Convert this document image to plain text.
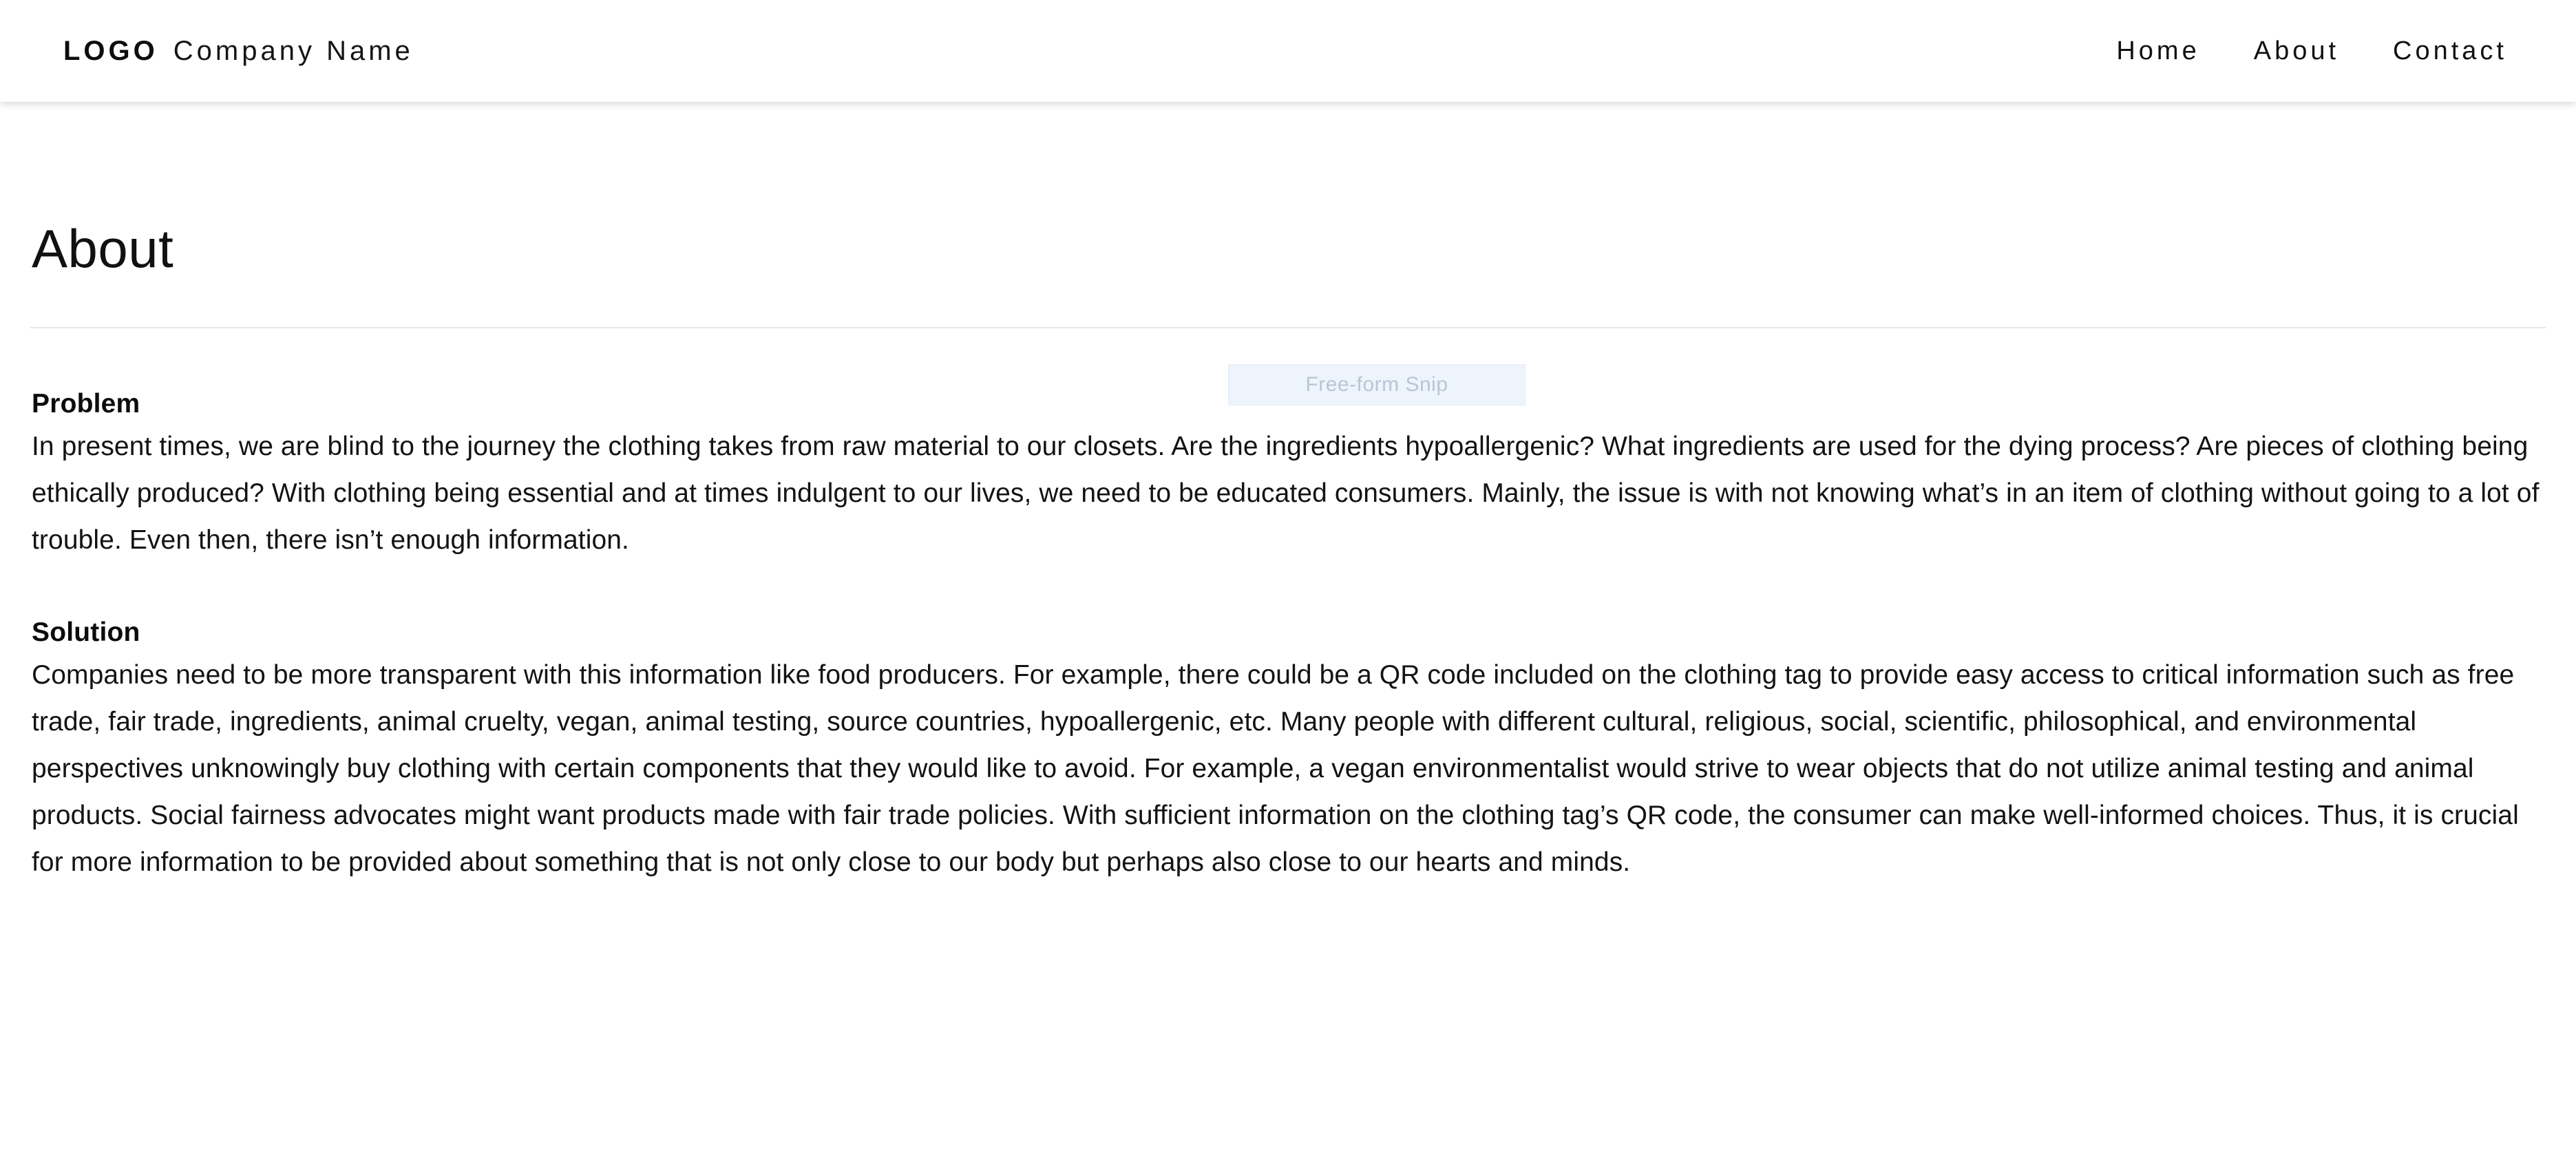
LOGO Company Name	Home About Contact
About
Free-form Snip
Problem

In present times, we are blind to the journey the clothing takes from raw material to our closets. Are the ingredients hypoallergenic? What ingredients are used for the dying process? Are pieces of clothing being ethically produced? With clothing being essential and at times indulgent to our lives, we need to be educated consumers. Mainly, the issue is with not knowing what’s in an item of clothing without going to a lot of trouble. Even then, there isn’t enough information.

Solution

Companies need to be more transparent with this information like food producers. For example, there could be a QR code included on the clothing tag to provide easy access to critical information such as free trade, fair trade, ingredients, animal cruelty, vegan, animal testing, source countries, hypoallergenic, etc. Many people with different cultural, religious, social, scientific, philosophical, and environmental perspectives unknowingly buy clothing with certain components that they would like to avoid. For example, a vegan environmentalist would strive to wear objects that do not utilize animal testing and animal products. Social fairness advocates might want products made with fair trade policies. With sufficient information on the clothing tag’s QR code, the consumer can make well-informed choices. Thus, it is crucial for more information to be provided about something that is not only close to our body but perhaps also close to our hearts and minds.
